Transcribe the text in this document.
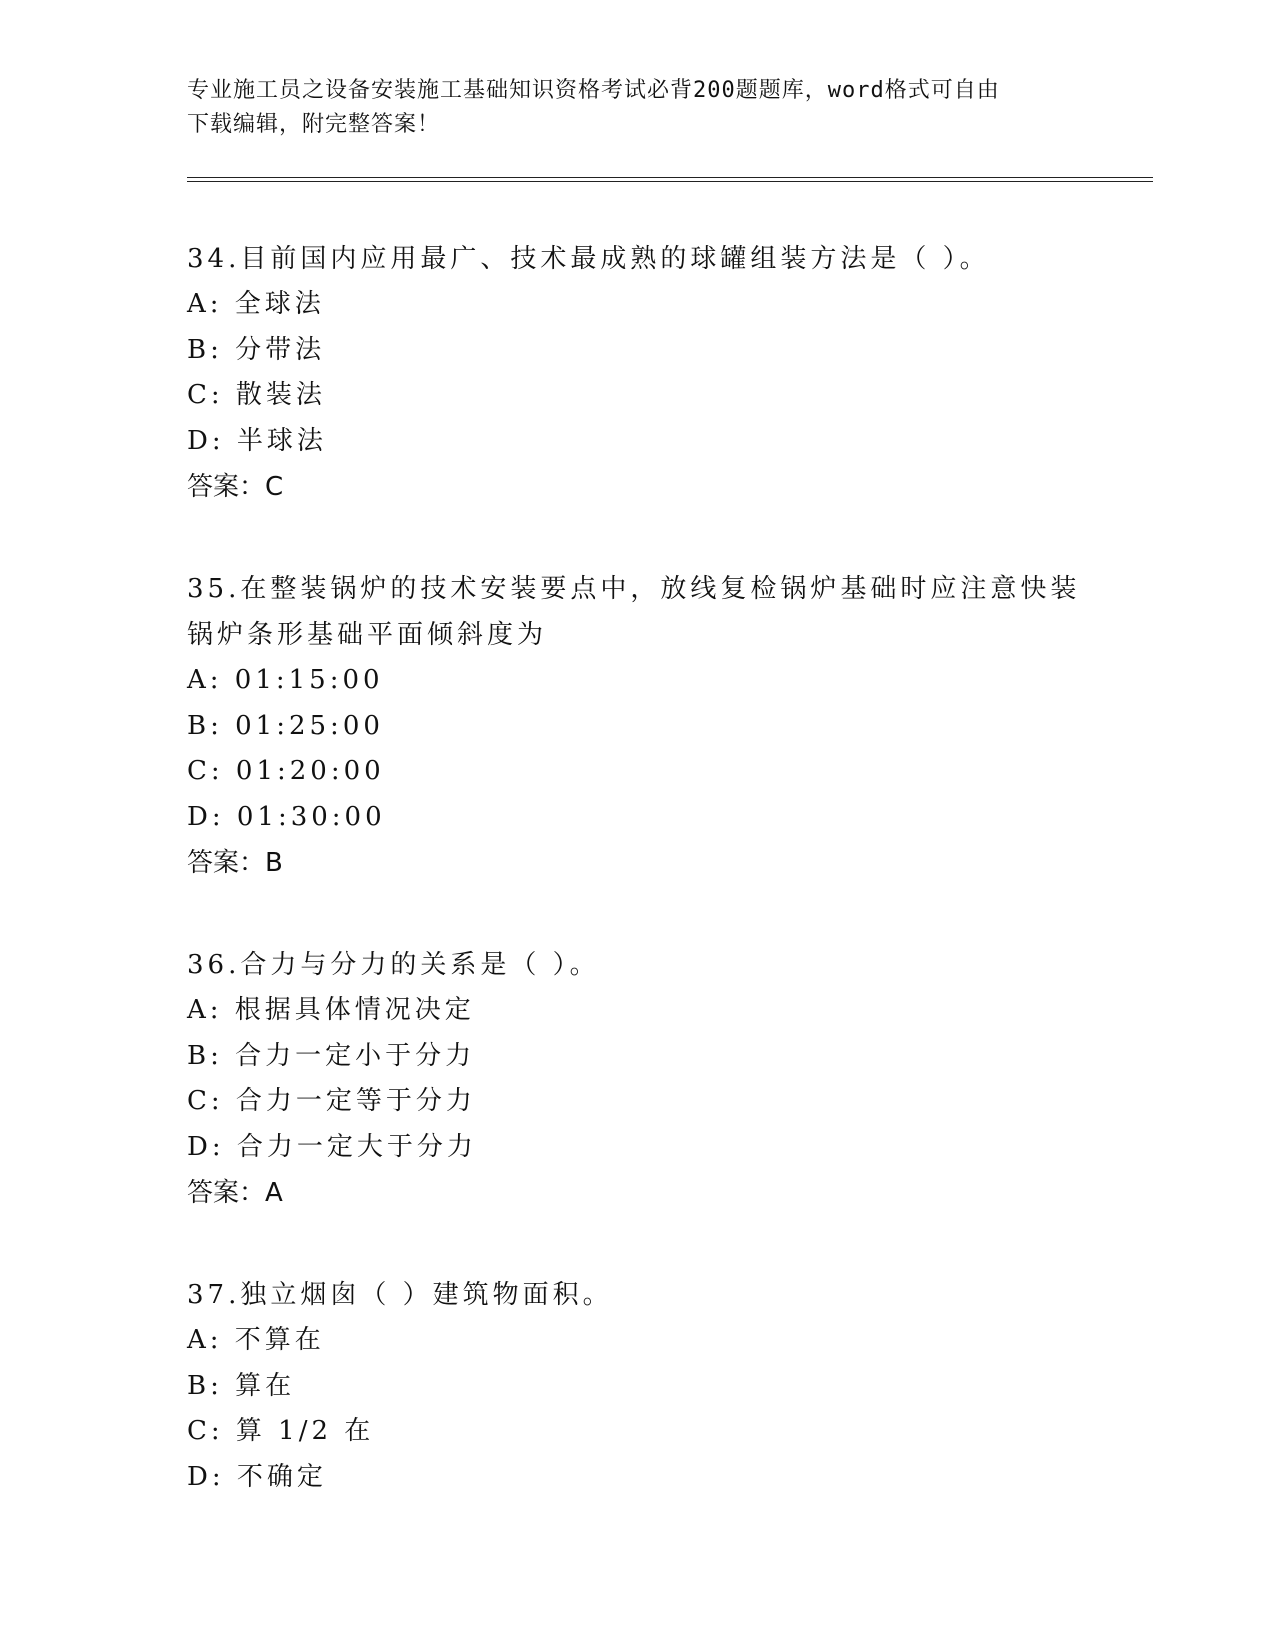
专业施工员之设备安装施工基础知识资格考试必背200题题库，word格式可自由
下载编辑，附完整答案！

34.目前国内应用最广、技术最成熟的球罐组装方法是（ ）。

A: 全球法

B: 分带法

C: 散装法

D: 半球法

答案：C

35.在整装锅炉的技术安装要点中，放线复检锅炉基础时应注意快装锅炉条形基础平面倾斜度为

A: 01:15:00

B: 01:25:00

C: 01:20:00

D: 01:30:00

答案：B

36.合力与分力的关系是（ ）。

A: 根据具体情况决定

B: 合力一定小于分力

C: 合力一定等于分力

D: 合力一定大于分力

答案：A

37.独立烟囱（ ）建筑物面积。

A: 不算在

B: 算在

C: 算 1/2 在

D: 不确定
